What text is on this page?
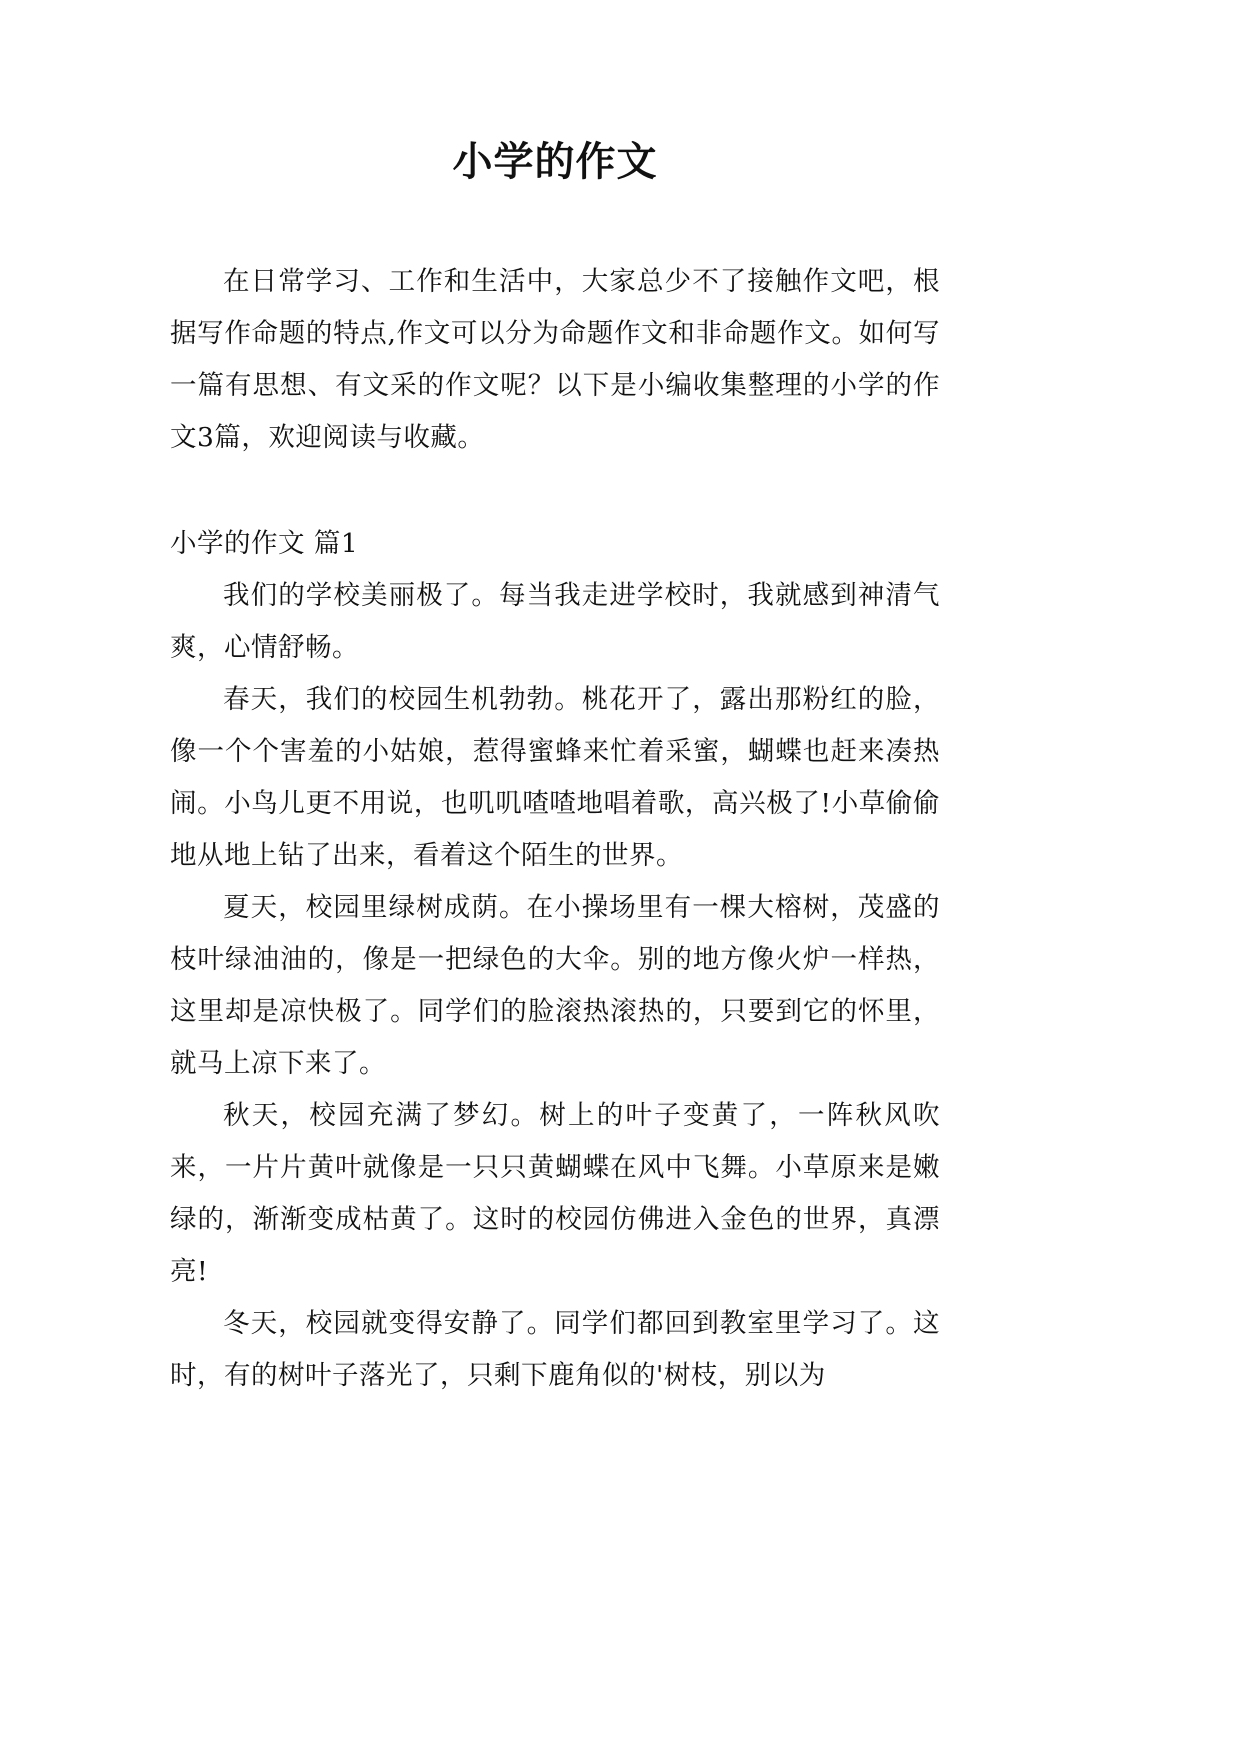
小学的作文

在日常学习、工作和生活中，大家总少不了接触作文吧，根据写作命题的特点,作文可以分为命题作文和非命题作文。如何写一篇有思想、有文采的作文呢？以下是小编收集整理的小学的作文3篇，欢迎阅读与收藏。

小学的作文 篇1

我们的学校美丽极了。每当我走进学校时，我就感到神清气爽，心情舒畅。

春天，我们的校园生机勃勃。桃花开了，露出那粉红的脸，像一个个害羞的小姑娘，惹得蜜蜂来忙着采蜜，蝴蝶也赶来凑热闹。小鸟儿更不用说，也叽叽喳喳地唱着歌，高兴极了!小草偷偷地从地上钻了出来，看着这个陌生的世界。

夏天，校园里绿树成荫。在小操场里有一棵大榕树，茂盛的枝叶绿油油的，像是一把绿色的大伞。别的地方像火炉一样热，这里却是凉快极了。同学们的脸滚热滚热的，只要到它的怀里，就马上凉下来了。

秋天，校园充满了梦幻。树上的叶子变黄了，一阵秋风吹来，一片片黄叶就像是一只只黄蝴蝶在风中飞舞。小草原来是嫩绿的，渐渐变成枯黄了。这时的校园仿佛进入金色的世界，真漂亮!

冬天，校园就变得安静了。同学们都回到教室里学习了。这时，有的树叶子落光了，只剩下鹿角似的'树枝，别以为
